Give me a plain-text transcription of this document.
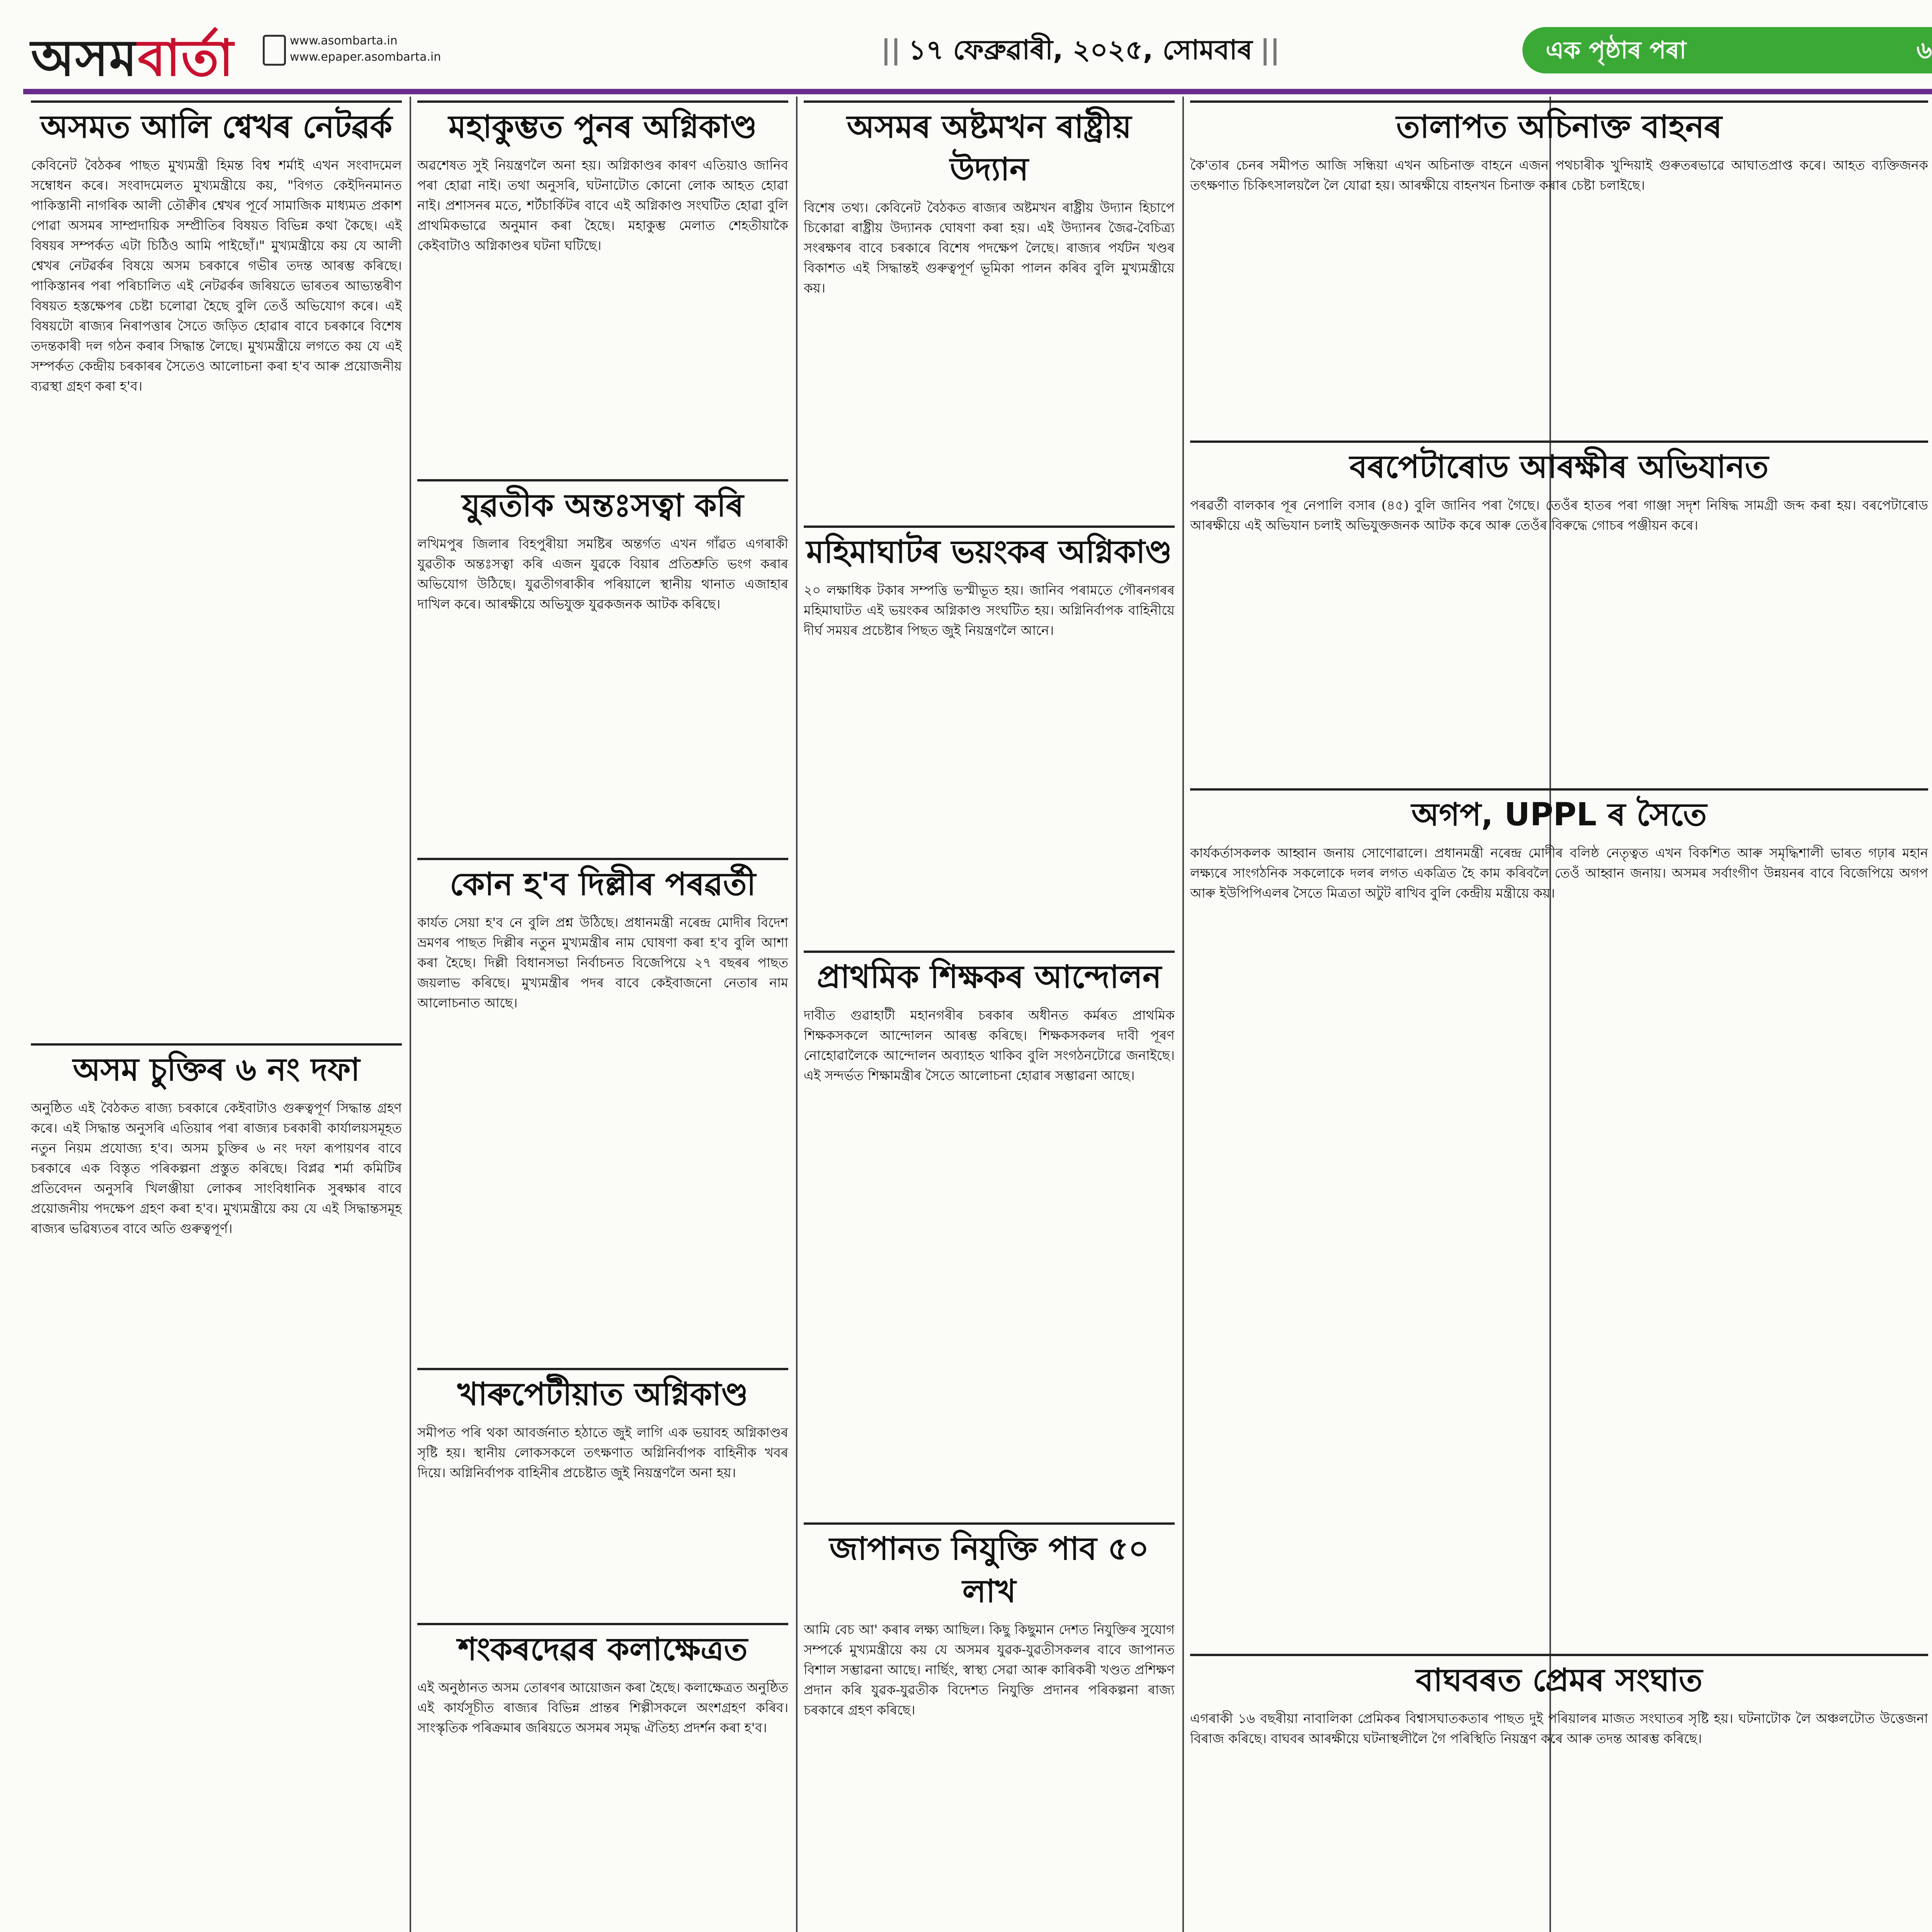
অসমবাৰ্তা	www.asombarta.in
www.epaper.asombarta.in	|| ১৭ ফেব্ৰুৱাৰী, ২০২৫, সোমবাৰ ||	এক পৃষ্ঠাৰ পৰা	৬
অসমত আলি শ্বেখৰ নেটৱৰ্ক

কেবিনেট বৈঠকৰ পাছত মুখ্যমন্ত্ৰী হিমন্ত বিশ্ব শৰ্মাই এখন সংবাদমেল সম্বোধন কৰে। সংবাদমেলত মুখ্যমন্ত্ৰীয়ে কয়, "বিগত কেইদিনমানত পাকিস্তানী নাগৰিক আলী তৌক্বীৰ শ্বেখৰ পূৰ্বে সামাজিক মাধ্যমত প্ৰকাশ পোৱা অসমৰ সাম্প্ৰদায়িক সম্প্ৰীতিৰ বিষয়ত বিভিন্ন কথা কৈছে। এই বিষয়ৰ সম্পৰ্কত এটা চিঠিও আমি পাইছোঁ।" মুখ্যমন্ত্ৰীয়ে কয় যে আলী শ্বেখৰ নেটৱৰ্কৰ বিষয়ে অসম চৰকাৰে গভীৰ তদন্ত আৰম্ভ কৰিছে। পাকিস্তানৰ পৰা পৰিচালিত এই নেটৱৰ্কৰ জৰিয়তে ভাৰতৰ আভ্যন্তৰীণ বিষয়ত হস্তক্ষেপৰ চেষ্টা চলোৱা হৈছে বুলি তেওঁ অভিযোগ কৰে। এই বিষয়টো ৰাজ্যৰ নিৰাপত্তাৰ সৈতে জড়িত হোৱাৰ বাবে চৰকাৰে বিশেষ তদন্তকাৰী দল গঠন কৰাৰ সিদ্ধান্ত লৈছে। মুখ্যমন্ত্ৰীয়ে লগতে কয় যে এই সম্পৰ্কত কেন্দ্ৰীয় চৰকাৰৰ সৈতেও আলোচনা কৰা হ'ব আৰু প্ৰয়োজনীয় ব্যৱস্থা গ্ৰহণ কৰা হ'ব।

অসম চুক্তিৰ ৬ নং দফা

অনুষ্ঠিত এই বৈঠকত ৰাজ্য চৰকাৰে কেইবাটাও গুৰুত্বপূৰ্ণ সিদ্ধান্ত গ্ৰহণ কৰে। এই সিদ্ধান্ত অনুসৰি এতিয়াৰ পৰা ৰাজ্যৰ চৰকাৰী কাৰ্যালয়সমূহত নতুন নিয়ম প্ৰযোজ্য হ'ব। অসম চুক্তিৰ ৬ নং দফা ৰূপায়ণৰ বাবে চৰকাৰে এক বিস্তৃত পৰিকল্পনা প্ৰস্তুত কৰিছে। বিপ্লৱ শৰ্মা কমিটিৰ প্ৰতিবেদন অনুসৰি খিলঞ্জীয়া লোকৰ সাংবিধানিক সুৰক্ষাৰ বাবে প্ৰয়োজনীয় পদক্ষেপ গ্ৰহণ কৰা হ'ব। মুখ্যমন্ত্ৰীয়ে কয় যে এই সিদ্ধান্তসমূহ ৰাজ্যৰ ভৱিষ্যতৰ বাবে অতি গুৰুত্বপূৰ্ণ।

মহাকুম্ভত পুনৰ অগ্নিকাণ্ড

অৱশেষত সুই নিয়ন্ত্ৰণলৈ অনা হয়। অগ্নিকাণ্ডৰ কাৰণ এতিয়াও জানিব পৰা হোৱা নাই। তথা অনুসৰি, ঘটনাটোত কোনো লোক আহত হোৱা নাই। প্ৰশাসনৰ মতে, শৰ্টচাৰ্কিটৰ বাবে এই অগ্নিকাণ্ড সংঘটিত হোৱা বুলি প্ৰাথমিকভাৱে অনুমান কৰা হৈছে। মহাকুম্ভ মেলাত শেহতীয়াকৈ কেইবাটাও অগ্নিকাণ্ডৰ ঘটনা ঘটিছে।

যুৱতীক অন্তঃসত্বা কৰি

লখিমপুৰ জিলাৰ বিহপুৰীয়া সমষ্টিৰ অন্তৰ্গত এখন গাঁৱত এগৰাকী যুৱতীক অন্তঃসত্বা কৰি এজন যুৱকে বিয়াৰ প্ৰতিশ্ৰুতি ভংগ কৰাৰ অভিযোগ উঠিছে। যুৱতীগৰাকীৰ পৰিয়ালে স্থানীয় থানাত এজাহাৰ দাখিল কৰে। আৰক্ষীয়ে অভিযুক্ত যুৱকজনক আটক কৰিছে।

কোন হ'ব দিল্লীৰ পৰৱৰ্তী

কাৰ্যত সেয়া হ'ব নে বুলি প্ৰশ্ন উঠিছে। প্ৰধানমন্ত্ৰী নৰেন্দ্ৰ মোদীৰ বিদেশ ভ্ৰমণৰ পাছত দিল্লীৰ নতুন মুখ্যমন্ত্ৰীৰ নাম ঘোষণা কৰা হ'ব বুলি আশা কৰা হৈছে। দিল্লী বিধানসভা নিৰ্বাচনত বিজেপিয়ে ২৭ বছৰৰ পাছত জয়লাভ কৰিছে। মুখ্যমন্ত্ৰীৰ পদৰ বাবে কেইবাজনো নেতাৰ নাম আলোচনাত আছে।

খাৰুপেটীয়াত অগ্নিকাণ্ড

সমীপত পৰি থকা আবৰ্জনাত হঠাতে জুই লাগি এক ভয়াবহ অগ্নিকাণ্ডৰ সৃষ্টি হয়। স্থানীয় লোকসকলে তৎক্ষণাত অগ্নিনিৰ্বাপক বাহিনীক খবৰ দিয়ে। অগ্নিনিৰ্বাপক বাহিনীৰ প্ৰচেষ্টাত জুই নিয়ন্ত্ৰণলৈ অনা হয়।

শংকৰদেৱৰ কলাক্ষেত্ৰত

এই অনুষ্ঠানত অসম তোৰণৰ আয়োজন কৰা হৈছে। কলাক্ষেত্ৰত অনুষ্ঠিত এই কাৰ্যসূচীত ৰাজ্যৰ বিভিন্ন প্ৰান্তৰ শিল্পীসকলে অংশগ্ৰহণ কৰিব। সাংস্কৃতিক পৰিক্ৰমাৰ জৰিয়তে অসমৰ সমৃদ্ধ ঐতিহ্য প্ৰদৰ্শন কৰা হ'ব।

অসমৰ অষ্টমখন ৰাষ্ট্ৰীয় উদ্যান

বিশেষ তথ্য। কেবিনেট বৈঠকত ৰাজ্যৰ অষ্টমখন ৰাষ্ট্ৰীয় উদ্যান হিচাপে চিকোৱা ৰাষ্ট্ৰীয় উদ্যানক ঘোষণা কৰা হয়। এই উদ্যানৰ জৈৱ-বৈচিত্ৰ্য সংৰক্ষণৰ বাবে চৰকাৰে বিশেষ পদক্ষেপ লৈছে। ৰাজ্যৰ পৰ্যটন খণ্ডৰ বিকাশত এই সিদ্ধান্তই গুৰুত্বপূৰ্ণ ভূমিকা পালন কৰিব বুলি মুখ্যমন্ত্ৰীয়ে কয়।

মহিমাঘাটৰ ভয়ংকৰ অগ্নিকাণ্ড

২০ লক্ষাধিক টকাৰ সম্পত্তি ভস্মীভূত হয়। জানিব পৰামতে গৌৰনগৰৰ মহিমাঘাটত এই ভয়ংকৰ অগ্নিকাণ্ড সংঘটিত হয়। অগ্নিনিৰ্বাপক বাহিনীয়ে দীৰ্ঘ সময়ৰ প্ৰচেষ্টাৰ পিছত জুই নিয়ন্ত্ৰণলৈ আনে।

প্ৰাথমিক শিক্ষকৰ আন্দোলন

দাবীত গুৱাহাটী মহানগৰীৰ চৰকাৰ অধীনত কৰ্মৰত প্ৰাথমিক শিক্ষকসকলে আন্দোলন আৰম্ভ কৰিছে। শিক্ষকসকলৰ দাবী পূৰণ নোহোৱালৈকে আন্দোলন অব্যাহত থাকিব বুলি সংগঠনটোৱে জনাইছে। এই সন্দৰ্ভত শিক্ষামন্ত্ৰীৰ সৈতে আলোচনা হোৱাৰ সম্ভাৱনা আছে।

জাপানত নিযুক্তি পাব ৫০ লাখ

আমি বেচ আ' কৰাৰ লক্ষ্য আছিল। কিছু কিছুমান দেশত নিযুক্তিৰ সুযোগ সম্পৰ্কে মুখ্যমন্ত্ৰীয়ে কয় যে অসমৰ যুৱক-যুৱতীসকলৰ বাবে জাপানত বিশাল সম্ভাৱনা আছে। নাৰ্ছিং, স্বাস্থ্য সেৱা আৰু কাৰিকৰী খণ্ডত প্ৰশিক্ষণ প্ৰদান কৰি যুৱক-যুৱতীক বিদেশত নিযুক্তি প্ৰদানৰ পৰিকল্পনা ৰাজ্য চৰকাৰে গ্ৰহণ কৰিছে।

তালাপত অচিনাক্ত বাহনৰ

কৈ'তাৰ চেনৰ সমীপত আজি সন্ধিয়া এখন অচিনাক্ত বাহনে এজন পথচাৰীক খুন্দিয়াই গুৰুতৰভাৱে আঘাতপ্ৰাপ্ত কৰে। আহত ব্যক্তিজনক তৎক্ষণাত চিকিৎসালয়লৈ লৈ যোৱা হয়। আৰক্ষীয়ে বাহনখন চিনাক্ত কৰাৰ চেষ্টা চলাইছে।

বৰপেটাৰোড আৰক্ষীৰ অভিযানত

পৰৱৰ্তী বালকাৰ পূৰ নেপালি বসাৰ (৪৫) বুলি জানিব পৰা গৈছে। তেওঁৰ হাতৰ পৰা গাঞ্জা সদৃশ নিষিদ্ধ সামগ্ৰী জব্দ কৰা হয়। বৰপেটাৰোড আৰক্ষীয়ে এই অভিযান চলাই অভিযুক্তজনক আটক কৰে আৰু তেওঁৰ বিৰুদ্ধে গোচৰ পঞ্জীয়ন কৰে।

অগপ, UPPL ৰ সৈতে

কাৰ্যকৰ্তাসকলক আহ্বান জনায় সোণোৱালে। প্ৰধানমন্ত্ৰী নৰেন্দ্ৰ মোদীৰ বলিষ্ঠ নেতৃত্বত এখন বিকশিত আৰু সমৃদ্ধিশালী ভাৰত গঢ়াৰ মহান লক্ষ্যৰে সাংগঠনিক সকলোকে দলৰ লগত একত্ৰিত হৈ কাম কৰিবলৈ তেওঁ আহ্বান জনায়। অসমৰ সৰ্বাংগীণ উন্নয়নৰ বাবে বিজেপিয়ে অগপ আৰু ইউপিপিএলৰ সৈতে মিত্ৰতা অটুট ৰাখিব বুলি কেন্দ্ৰীয় মন্ত্ৰীয়ে কয়।

বাঘবৰত প্ৰেমৰ সংঘাত

এগৰাকী ১৬ বছৰীয়া নাবালিকা প্ৰেমিকৰ বিশ্বাসঘাতকতাৰ পাছত দুই পৰিয়ালৰ মাজত সংঘাতৰ সৃষ্টি হয়। ঘটনাটোক লৈ অঞ্চলটোত উত্তেজনা বিৰাজ কৰিছে। বাঘবৰ আৰক্ষীয়ে ঘটনাস্থলীলৈ গৈ পৰিস্থিতি নিয়ন্ত্ৰণ কৰে আৰু তদন্ত আৰম্ভ কৰিছে।
